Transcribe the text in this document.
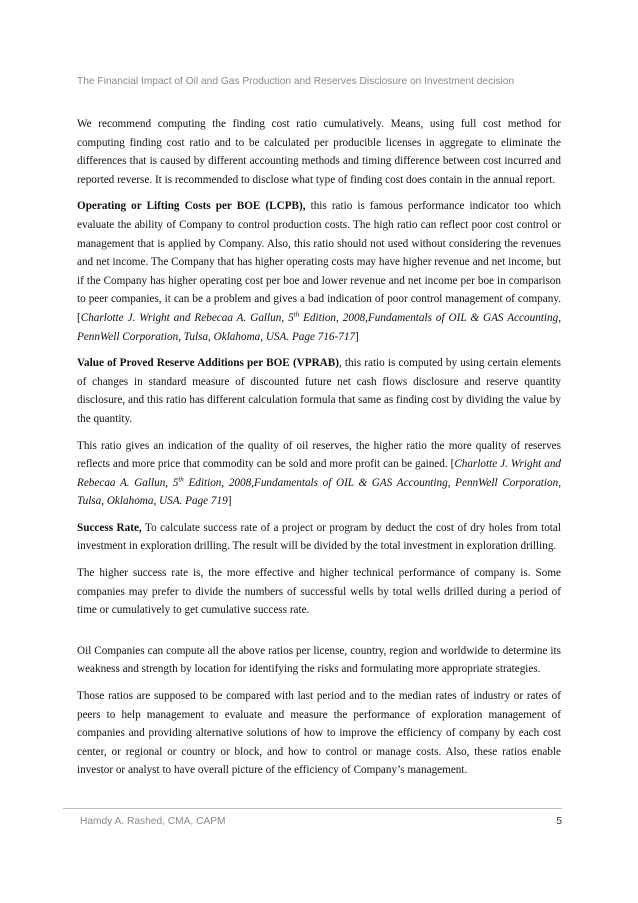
The Financial Impact of Oil and Gas Production and Reserves Disclosure on Investment decision

We recommend computing the finding cost ratio cumulatively. Means, using full cost method for computing finding cost ratio and to be calculated per producible licenses in aggregate to eliminate the differences that is caused by different accounting methods and timing difference between cost incurred and reported reverse. It is recommended to disclose what type of finding cost does contain in the annual report.

Operating or Lifting Costs per BOE (LCPB), this ratio is famous performance indicator too which evaluate the ability of Company to control production costs. The high ratio can reflect poor cost control or management that is applied by Company. Also, this ratio should not used without considering the revenues and net income. The Company that has higher operating costs may have higher revenue and net income, but if the Company has higher operating cost per boe and lower revenue and net income per boe in comparison to peer companies, it can be a problem and gives a bad indication of poor control management of company. [Charlotte J. Wright and Rebecaa A. Gallun, 5th Edition, 2008,Fundamentals of OIL & GAS Accounting, PennWell Corporation, Tulsa, Oklahoma, USA. Page 716-717]

Value of Proved Reserve Additions per BOE (VPRAB), this ratio is computed by using certain elements of changes in standard measure of discounted future net cash flows disclosure and reserve quantity disclosure, and this ratio has different calculation formula that same as finding cost by dividing the value by the quantity.

This ratio gives an indication of the quality of oil reserves, the higher ratio the more quality of reserves reflects and more price that commodity can be sold and more profit can be gained. [Charlotte J. Wright and Rebecaa A. Gallun, 5th Edition, 2008,Fundamentals of OIL & GAS Accounting, PennWell Corporation, Tulsa, Oklahoma, USA. Page 719]

Success Rate, To calculate success rate of a project or program by deduct the cost of dry holes from total investment in exploration drilling. The result will be divided by the total investment in exploration drilling.

The higher success rate is, the more effective and higher technical performance of company is. Some companies may prefer to divide the numbers of successful wells by total wells drilled during a period of time or cumulatively to get cumulative success rate.

Oil Companies can compute all the above ratios per license, country, region and worldwide to determine its weakness and strength by location for identifying the risks and formulating more appropriate strategies.

Those ratios are supposed to be compared with last period and to the median rates of industry or rates of peers to help management to evaluate and measure the performance of exploration management of companies and providing alternative solutions of how to improve the efficiency of company by each cost center, or regional or country or block, and how to control or manage costs. Also, these ratios enable investor or analyst to have overall picture of the efficiency of Company’s management.

Hamdy A. Rashed, CMA, CAPM	5
